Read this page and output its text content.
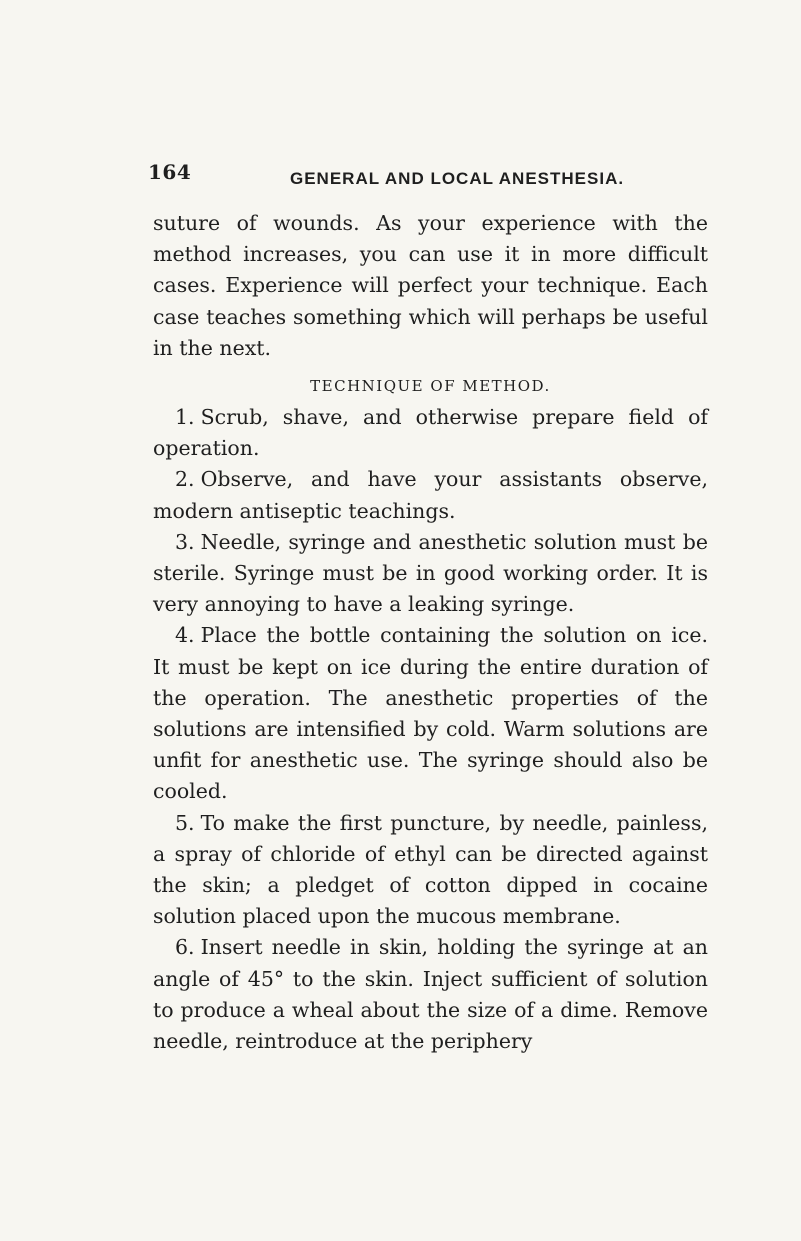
164	GENERAL AND LOCAL ANESTHESIA.

suture of wounds. As your experience with the method increases, you can use it in more difficult cases. Experience will perfect your technique. Each case teaches something which will perhaps be useful in the next.

TECHNIQUE OF METHOD.

1. Scrub, shave, and otherwise prepare field of operation.

2. Observe, and have your assistants observe, modern antiseptic teachings.

3. Needle, syringe and anesthetic solution must be sterile. Syringe must be in good working order. It is very annoying to have a leaking syringe.

4. Place the bottle containing the solution on ice. It must be kept on ice during the entire duration of the operation. The anesthetic properties of the solutions are intensified by cold. Warm solutions are unfit for anesthetic use. The syringe should also be cooled.

5. To make the first puncture, by needle, painless, a spray of chloride of ethyl can be directed against the skin; a pledget of cotton dipped in cocaine solution placed upon the mucous membrane.

6. Insert needle in skin, holding the syringe at an angle of 45° to the skin. Inject sufficient of solution to produce a wheal about the size of a dime. Remove needle, reintroduce at the periphery
